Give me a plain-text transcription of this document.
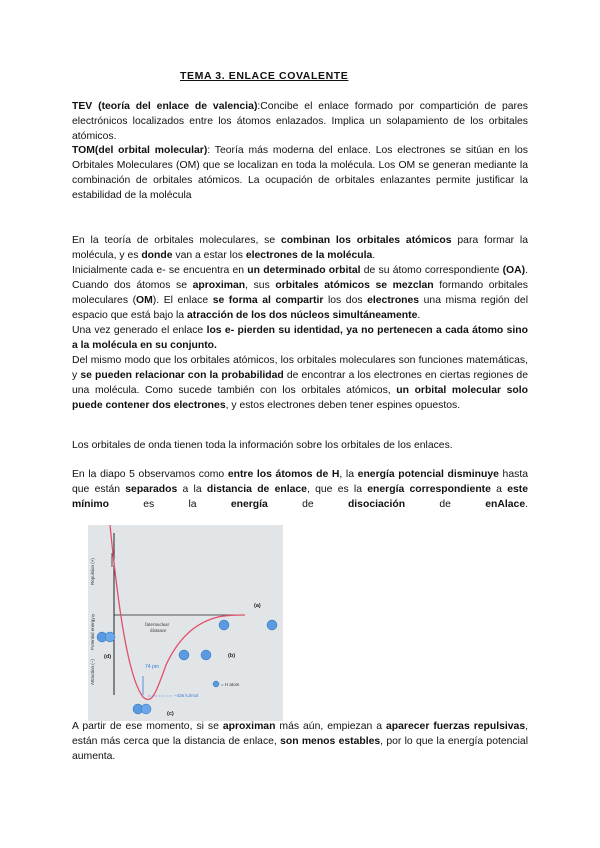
TEMA 3. ENLACE COVALENTE

TEV (teoría del enlace de valencia):Concibe el enlace formado por compartición de pares electrónicos localizados entre los átomos enlazados. Implica un solapamiento de los orbitales atómicos.

TOM(del orbital molecular): Teoría más moderna del enlace. Los electrones se sitúan en los Orbitales Moleculares (OM) que se localizan en toda la molécula. Los OM se generan mediante la combinación de orbitales atómicos. La ocupación de orbitales enlazantes permite justificar la estabilidad de la molécula

En la teoría de orbitales moleculares, se combinan los orbitales atómicos para formar la molécula, y es donde van a estar los electrones de la molécula.
Inicialmente cada e- se encuentra en un determinado orbital de su átomo correspondiente (OA). Cuando dos átomos se aproximan, sus orbitales atómicos se mezclan formando orbitales moleculares (OM). El enlace se forma al compartir los dos electrones una misma región del espacio que está bajo la atracción de los dos núcleos simultáneamente.
Una vez generado el enlace los e- pierden su identidad, ya no pertenecen a cada átomo sino a la molécula en su conjunto.
Del mismo modo que los orbitales atómicos, los orbitales moleculares son funciones matemáticas, y se pueden relacionar con la probabilidad de encontrar a los electrones en ciertas regiones de una molécula. Como sucede también con los orbitales atómicos, un orbital molecular solo puede contener dos electrones, y estos electrones deben tener espines opuestos.

Los orbitales de onda tienen toda la información sobre los orbitales de los enlaces.

En la diapo 5 observamos como entre los átomos de H, la energía potencial disminuye hasta que están separados a la distancia de enlace, que es la energía correspondiente a este mínimo es la energía de disociación de enAlace.

0
Repulsion (+)
Potential energy
Attraction (−)
Internuclear
distance
74 pm
−436 kJ/mol
= H atom
(d)
(c)
(b)
(a)

A partir de ese momento, si se aproximan más aún, empiezan a aparecer fuerzas repulsivas, están más cerca que la distancia de enlace, son menos estables, por lo que la energía potencial aumenta.
